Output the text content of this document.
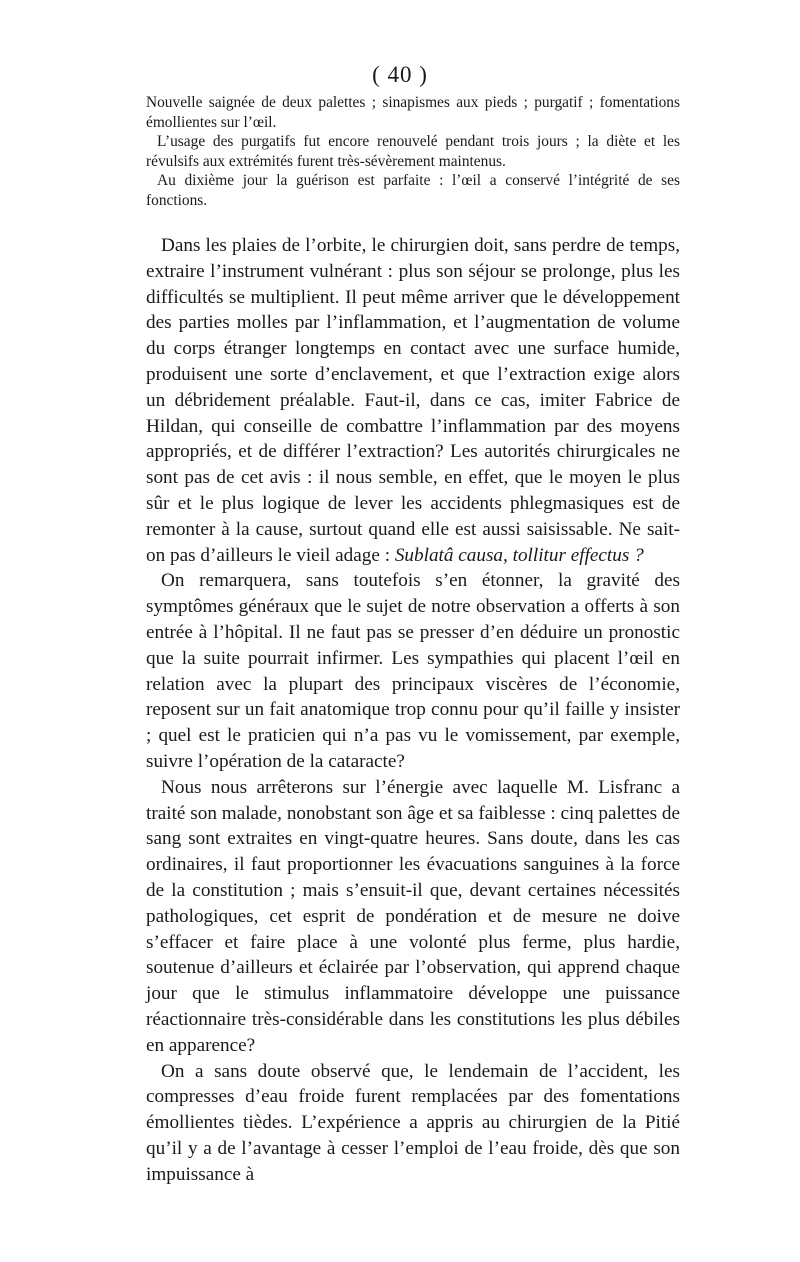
( 40 )

Nouvelle saignée de deux palettes ; sinapismes aux pieds ; purgatif ; fomentations émollientes sur l’œil.

L’usage des purgatifs fut encore renouvelé pendant trois jours ; la diète et les révulsifs aux extrémités furent très-sévèrement maintenus.

Au dixième jour la guérison est parfaite : l’œil a conservé l’intégrité de ses fonctions.

Dans les plaies de l’orbite, le chirurgien doit, sans perdre de temps, extraire l’instrument vulnérant : plus son séjour se prolonge, plus les difficultés se multiplient. Il peut même arriver que le développement des parties molles par l’inflammation, et l’augmentation de volume du corps étranger longtemps en contact avec une surface humide, produisent une sorte d’enclavement, et que l’extraction exige alors un débridement préalable. Faut-il, dans ce cas, imiter Fabrice de Hildan, qui conseille de combattre l’inflammation par des moyens appropriés, et de différer l’extraction? Les autorités chirurgicales ne sont pas de cet avis : il nous semble, en effet, que le moyen le plus sûr et le plus logique de lever les accidents phlegmasiques est de remonter à la cause, surtout quand elle est aussi saisissable. Ne sait-on pas d’ailleurs le vieil adage : Sublatâ causa, tollitur effectus ?

On remarquera, sans toutefois s’en étonner, la gravité des symptômes généraux que le sujet de notre observation a offerts à son entrée à l’hôpital. Il ne faut pas se presser d’en déduire un pronostic que la suite pourrait infirmer. Les sympathies qui placent l’œil en relation avec la plupart des principaux viscères de l’économie, reposent sur un fait anatomique trop connu pour qu’il faille y insister ; quel est le praticien qui n’a pas vu le vomissement, par exemple, suivre l’opération de la cataracte?

Nous nous arrêterons sur l’énergie avec laquelle M. Lisfranc a traité son malade, nonobstant son âge et sa faiblesse : cinq palettes de sang sont extraites en vingt-quatre heures. Sans doute, dans les cas ordinaires, il faut proportionner les évacuations sanguines à la force de la constitution ; mais s’ensuit-il que, devant certaines nécessités pathologiques, cet esprit de pondération et de mesure ne doive s’effacer et faire place à une volonté plus ferme, plus hardie, soutenue d’ailleurs et éclairée par l’observation, qui apprend chaque jour que le stimulus inflammatoire développe une puissance réactionnaire très-considérable dans les constitutions les plus débiles en apparence?

On a sans doute observé que, le lendemain de l’accident, les compresses d’eau froide furent remplacées par des fomentations émollientes tièdes. L’expérience a appris au chirurgien de la Pitié qu’il y a de l’avantage à cesser l’emploi de l’eau froide, dès que son impuissance à
